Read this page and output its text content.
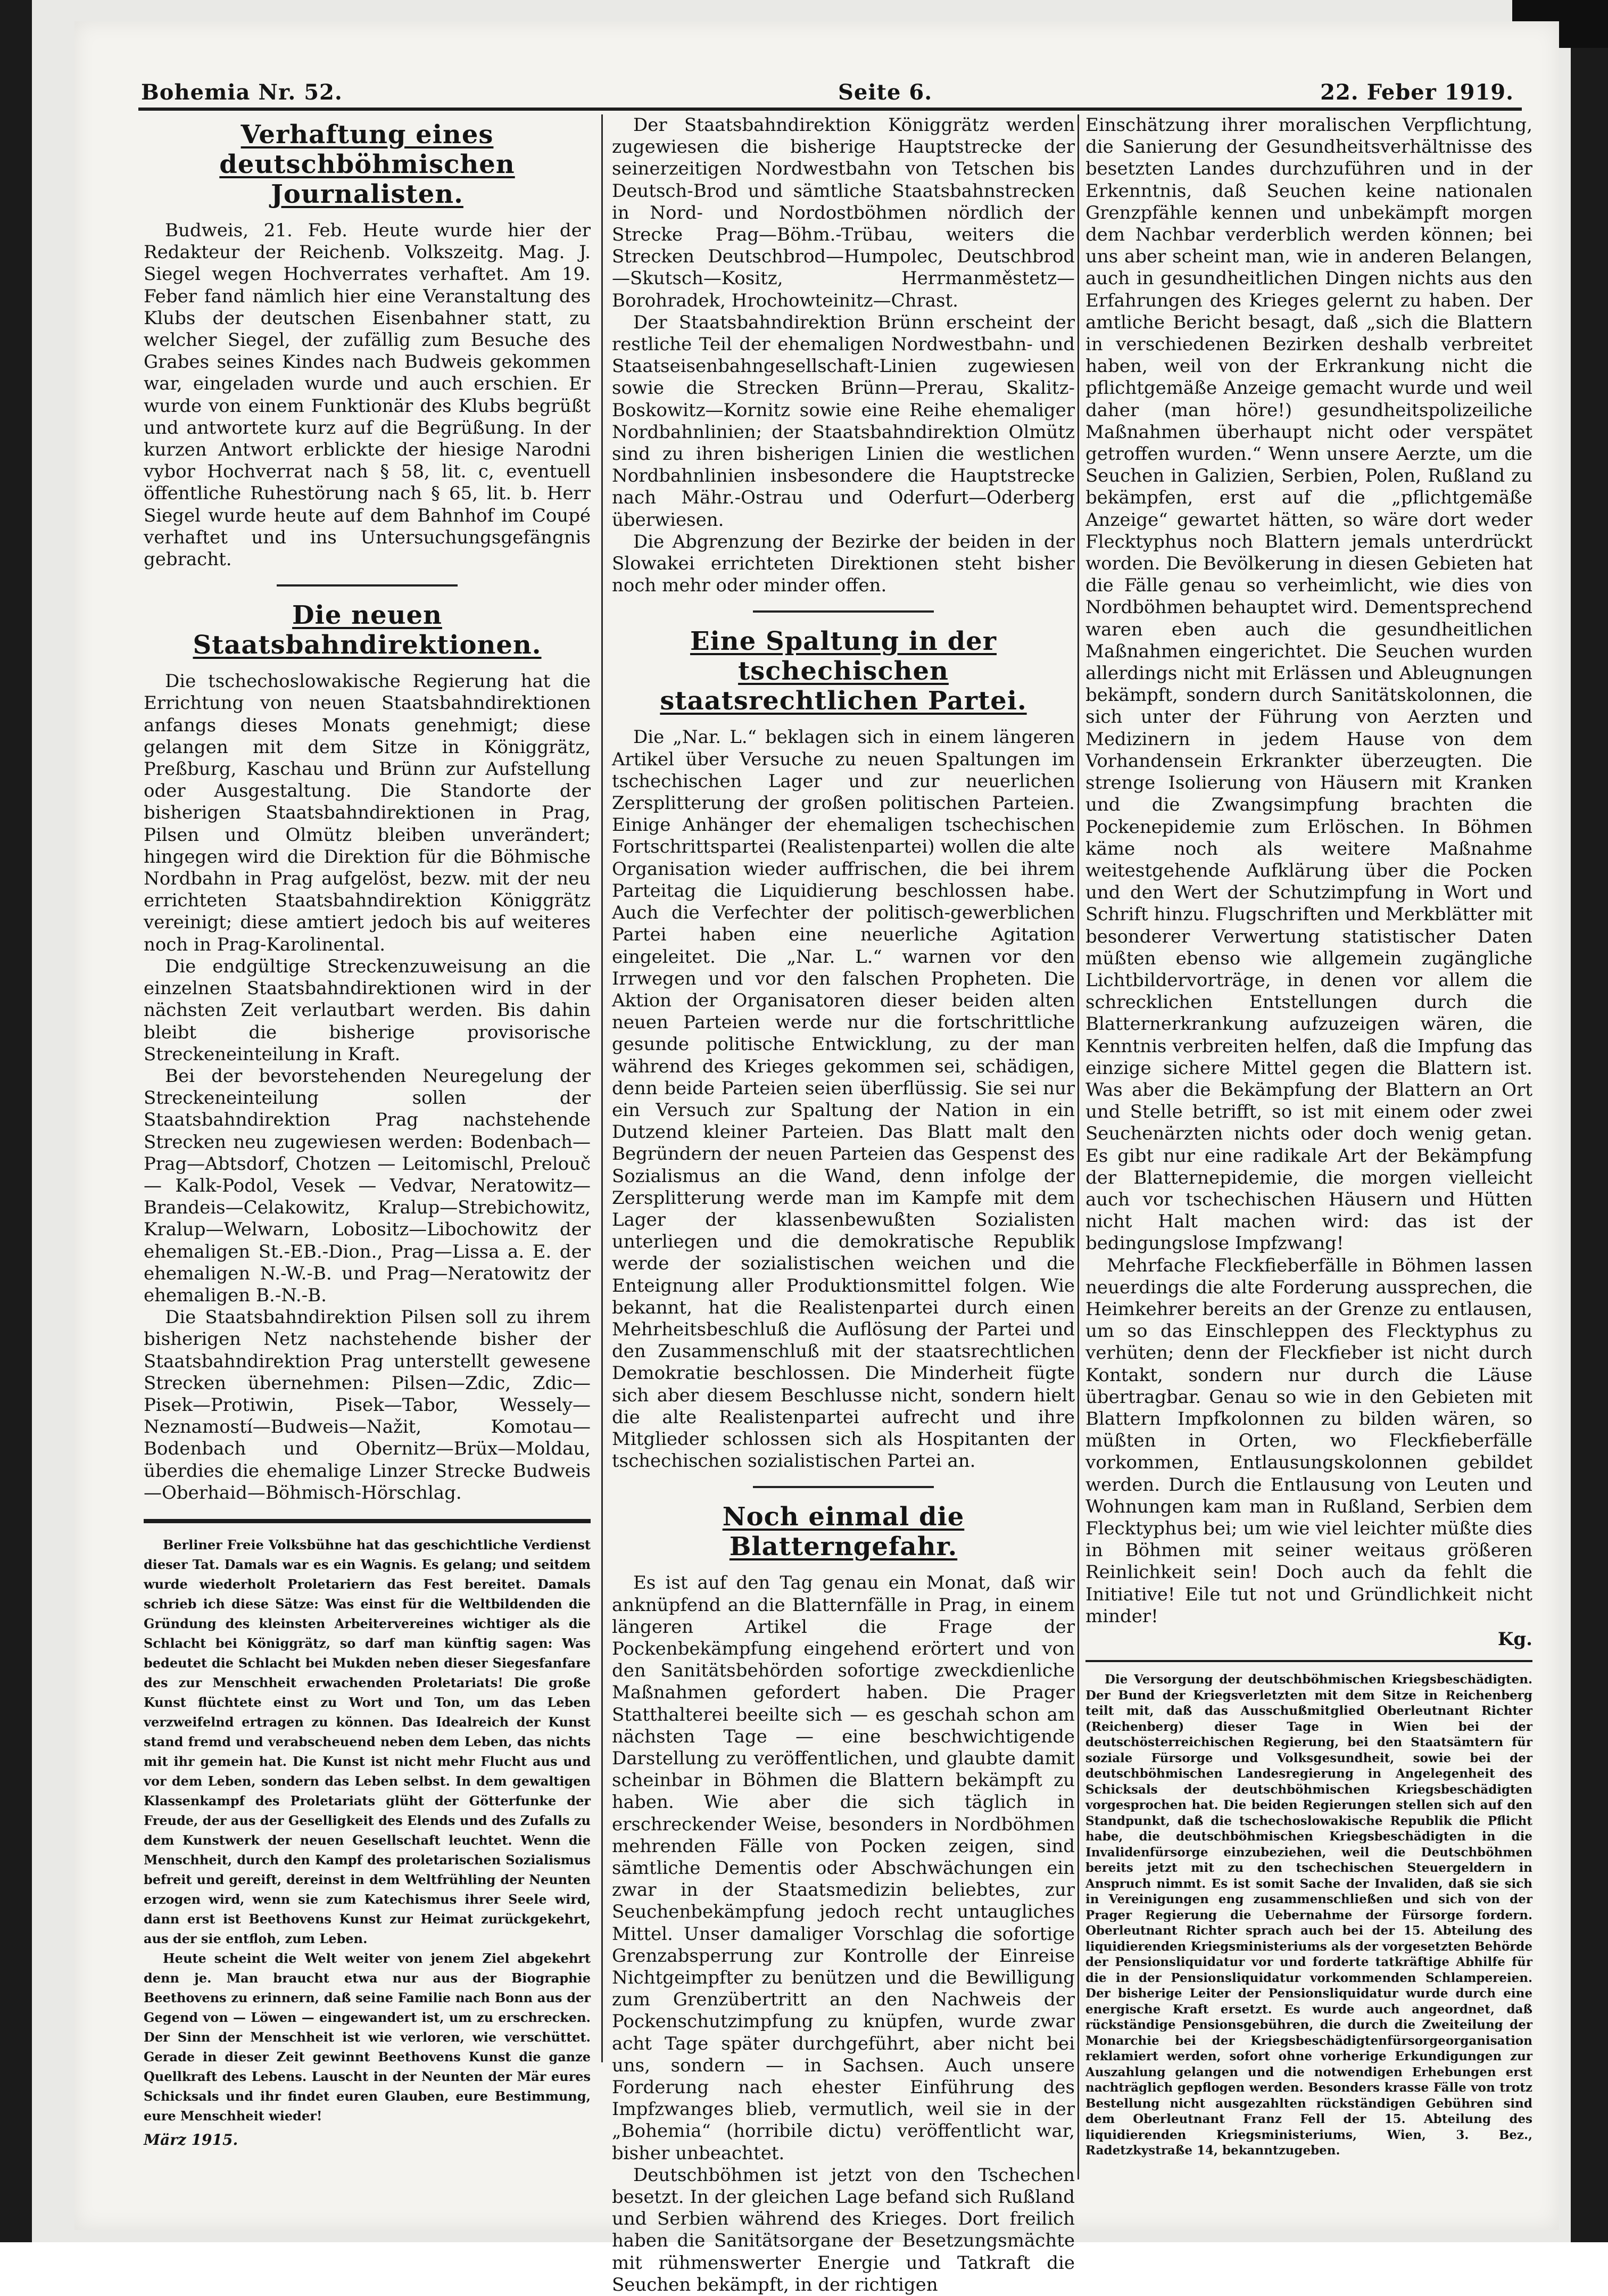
Bohemia Nr. 52.	Seite 6.	22. Feber 1919.
Verhaftung eines deutschböhmischen Journalisten.

Budweis, 21. Feb. Heute wurde hier der Redakteur der Reichenb. Volkszeitg. Mag. J. Siegel wegen Hochverrates verhaftet. Am 19. Feber fand nämlich hier eine Veranstaltung des Klubs der deutschen Eisenbahner statt, zu welcher Siegel, der zufällig zum Besuche des Grabes seines Kindes nach Budweis gekommen war, eingeladen wurde und auch erschien. Er wurde von einem Funktionär des Klubs begrüßt und antwortete kurz auf die Begrüßung. In der kurzen Antwort erblickte der hiesige Narodni vybor Hochverrat nach § 58, lit. c, eventuell öffentliche Ruhestörung nach § 65, lit. b. Herr Siegel wurde heute auf dem Bahnhof im Coupé verhaftet und ins Untersuchungsgefängnis gebracht.

Die neuen Staatsbahndirektionen.

Die tschechoslowakische Regierung hat die Errichtung von neuen Staatsbahndirektionen anfangs dieses Monats genehmigt; diese gelangen mit dem Sitze in Königgrätz, Preßburg, Kaschau und Brünn zur Aufstellung oder Ausgestaltung. Die Standorte der bisherigen Staatsbahndirektionen in Prag, Pilsen und Olmütz bleiben unverändert; hingegen wird die Direktion für die Böhmische Nordbahn in Prag aufgelöst, bezw. mit der neu errichteten Staatsbahndirektion Königgrätz vereinigt; diese amtiert jedoch bis auf weiteres noch in Prag-Karolinental.

Die endgültige Streckenzuweisung an die einzelnen Staatsbahndirektionen wird in der nächsten Zeit verlautbart werden. Bis dahin bleibt die bisherige provisorische Streckeneinteilung in Kraft.

Bei der bevorstehenden Neuregelung der Streckeneinteilung sollen der Staatsbahndirektion Prag nachstehende Strecken neu zugewiesen werden: Bodenbach—Prag—Abtsdorf, Chotzen — Leitomischl, Prelouč — Kalk-Podol, Vesek — Vedvar, Neratowitz—Brandeis—Celakowitz, Kralup—Strebichowitz, Kralup—Welwarn, Lobositz—Libochowitz der ehemaligen St.-EB.-Dion., Prag—Lissa a. E. der ehemaligen N.-W.-B. und Prag—Neratowitz der ehemaligen B.-N.-B.

Die Staatsbahndirektion Pilsen soll zu ihrem bisherigen Netz nachstehende bisher der Staatsbahndirektion Prag unterstellt gewesene Strecken übernehmen: Pilsen—Zdic, Zdic—Pisek—Protiwin, Pisek—Tabor, Wessely—Neznamostí—Budweis—Nažit, Komotau—Bodenbach und Obernitz—Brüx—Moldau, überdies die ehemalige Linzer Strecke Budweis—Oberhaid—Böhmisch-Hörschlag.

Berliner Freie Volksbühne hat das geschichtliche Verdienst dieser Tat. Damals war es ein Wagnis. Es gelang; und seitdem wurde wiederholt Proletariern das Fest bereitet. Damals schrieb ich diese Sätze: Was einst für die Weltbildenden die Gründung des kleinsten Arbeitervereines wichtiger als die Schlacht bei Königgrätz, so darf man künftig sagen: Was bedeutet die Schlacht bei Mukden neben dieser Siegesfanfare des zur Menschheit erwachenden Proletariats! Die große Kunst flüchtete einst zu Wort und Ton, um das Leben verzweifelnd ertragen zu können. Das Idealreich der Kunst stand fremd und verabscheuend neben dem Leben, das nichts mit ihr gemein hat. Die Kunst ist nicht mehr Flucht aus und vor dem Leben, sondern das Leben selbst. In dem gewaltigen Klassenkampf des Proletariats glüht der Götterfunke der Freude, der aus der Geselligkeit des Elends und des Zufalls zu dem Kunstwerk der neuen Gesellschaft leuchtet. Wenn die Menschheit, durch den Kampf des proletarischen Sozialismus befreit und gereift, dereinst in dem Weltfrühling der Neunten erzogen wird, wenn sie zum Katechismus ihrer Seele wird, dann erst ist Beethovens Kunst zur Heimat zurückgekehrt, aus der sie entfloh, zum Leben.

Heute scheint die Welt weiter von jenem Ziel abgekehrt denn je. Man braucht etwa nur aus der Biographie Beethovens zu erinnern, daß seine Familie nach Bonn aus der Gegend von — Löwen — eingewandert ist, um zu erschrecken. Der Sinn der Menschheit ist wie verloren, wie verschüttet. Gerade in dieser Zeit gewinnt Beethovens Kunst die ganze Quellkraft des Lebens. Lauscht in der Neunten der Mär eures Schicksals und ihr findet euren Glauben, eure Bestimmung, eure Menschheit wieder!

März 1915.

Der Staatsbahndirektion Königgrätz werden zugewiesen die bisherige Hauptstrecke der seinerzeitigen Nordwestbahn von Tetschen bis Deutsch-Brod und sämtliche Staatsbahnstrecken in Nord- und Nordostböhmen nördlich der Strecke Prag—Böhm.-Trübau, weiters die Strecken Deutschbrod—Humpolec, Deutschbrod—Skutsch—Kositz, Herrmanměstetz—Borohradek, Hrochowteinitz—Chrast.

Der Staatsbahndirektion Brünn erscheint der restliche Teil der ehemaligen Nordwestbahn- und Staatseisenbahngesellschaft-Linien zugewiesen sowie die Strecken Brünn—Prerau, Skalitz-Boskowitz—Kornitz sowie eine Reihe ehemaliger Nordbahnlinien; der Staatsbahndirektion Olmütz sind zu ihren bisherigen Linien die westlichen Nordbahnlinien insbesondere die Hauptstrecke nach Mähr.-Ostrau und Oderfurt—Oderberg überwiesen.

Die Abgrenzung der Bezirke der beiden in der Slowakei errichteten Direktionen steht bisher noch mehr oder minder offen.

Eine Spaltung in der tschechischen staatsrechtlichen Partei.

Die „Nar. L.“ beklagen sich in einem längeren Artikel über Versuche zu neuen Spaltungen im tschechischen Lager und zur neuerlichen Zersplitterung der großen politischen Parteien. Einige Anhänger der ehemaligen tschechischen Fortschrittspartei (Realistenpartei) wollen die alte Organisation wieder auffrischen, die bei ihrem Parteitag die Liquidierung beschlossen habe. Auch die Verfechter der politisch-gewerblichen Partei haben eine neuerliche Agitation eingeleitet. Die „Nar. L.“ warnen vor den Irrwegen und vor den falschen Propheten. Die Aktion der Organisatoren dieser beiden alten neuen Parteien werde nur die fortschrittliche gesunde politische Entwicklung, zu der man während des Krieges gekommen sei, schädigen, denn beide Parteien seien überflüssig. Sie sei nur ein Versuch zur Spaltung der Nation in ein Dutzend kleiner Parteien. Das Blatt malt den Begründern der neuen Parteien das Gespenst des Sozialismus an die Wand, denn infolge der Zersplitterung werde man im Kampfe mit dem Lager der klassenbewußten Sozialisten unterliegen und die demokratische Republik werde der sozialistischen weichen und die Enteignung aller Produktionsmittel folgen. Wie bekannt, hat die Realistenpartei durch einen Mehrheitsbeschluß die Auflösung der Partei und den Zusammenschluß mit der staatsrechtlichen Demokratie beschlossen. Die Minderheit fügte sich aber diesem Beschlusse nicht, sondern hielt die alte Realistenpartei aufrecht und ihre Mitglieder schlossen sich als Hospitanten der tschechischen sozialistischen Partei an.

Noch einmal die Blatterngefahr.

Es ist auf den Tag genau ein Monat, daß wir anknüpfend an die Blatternfälle in Prag, in einem längeren Artikel die Frage der Pockenbekämpfung eingehend erörtert und von den Sanitätsbehörden sofortige zweckdienliche Maßnahmen gefordert haben. Die Prager Statthalterei beeilte sich — es geschah schon am nächsten Tage — eine beschwichtigende Darstellung zu veröffentlichen, und glaubte damit scheinbar in Böhmen die Blattern bekämpft zu haben. Wie aber die sich täglich in erschreckender Weise, besonders in Nordböhmen mehrenden Fälle von Pocken zeigen, sind sämtliche Dementis oder Abschwächungen ein zwar in der Staatsmedizin beliebtes, zur Seuchenbekämpfung jedoch recht untaugliches Mittel. Unser damaliger Vorschlag die sofortige Grenzabsperrung zur Kontrolle der Einreise Nichtgeimpfter zu benützen und die Bewilligung zum Grenzübertritt an den Nachweis der Pockenschutzimpfung zu knüpfen, wurde zwar acht Tage später durchgeführt, aber nicht bei uns, sondern — in Sachsen. Auch unsere Forderung nach ehester Einführung des Impfzwanges blieb, vermutlich, weil sie in der „Bohemia“ (horribile dictu) veröffentlicht war, bisher unbeachtet.

Deutschböhmen ist jetzt von den Tschechen besetzt. In der gleichen Lage befand sich Rußland und Serbien während des Krieges. Dort freilich haben die Sanitätsorgane der Besetzungsmächte mit rühmenswerter Energie und Tatkraft die Seuchen bekämpft, in der richtigen

Einschätzung ihrer moralischen Verpflichtung, die Sanierung der Gesundheitsverhältnisse des besetzten Landes durchzuführen und in der Erkenntnis, daß Seuchen keine nationalen Grenzpfähle kennen und unbekämpft morgen dem Nachbar verderblich werden können; bei uns aber scheint man, wie in anderen Belangen, auch in gesundheitlichen Dingen nichts aus den Erfahrungen des Krieges gelernt zu haben. Der amtliche Bericht besagt, daß „sich die Blattern in verschiedenen Bezirken deshalb verbreitet haben, weil von der Erkrankung nicht die pflichtgemäße Anzeige gemacht wurde und weil daher (man höre!) gesundheitspolizeiliche Maßnahmen überhaupt nicht oder verspätet getroffen wurden.“ Wenn unsere Aerzte, um die Seuchen in Galizien, Serbien, Polen, Rußland zu bekämpfen, erst auf die „pflichtgemäße Anzeige“ gewartet hätten, so wäre dort weder Flecktyphus noch Blattern jemals unterdrückt worden. Die Bevölkerung in diesen Gebieten hat die Fälle genau so verheimlicht, wie dies von Nordböhmen behauptet wird. Dementsprechend waren eben auch die gesundheitlichen Maßnahmen eingerichtet. Die Seuchen wurden allerdings nicht mit Erlässen und Ableugnungen bekämpft, sondern durch Sanitätskolonnen, die sich unter der Führung von Aerzten und Medizinern in jedem Hause von dem Vorhandensein Erkrankter überzeugten. Die strenge Isolierung von Häusern mit Kranken und die Zwangsimpfung brachten die Pockenepidemie zum Erlöschen. In Böhmen käme noch als weitere Maßnahme weitestgehende Aufklärung über die Pocken und den Wert der Schutzimpfung in Wort und Schrift hinzu. Flugschriften und Merkblätter mit besonderer Verwertung statistischer Daten müßten ebenso wie allgemein zugängliche Lichtbildervorträge, in denen vor allem die schrecklichen Entstellungen durch die Blatternerkrankung aufzuzeigen wären, die Kenntnis verbreiten helfen, daß die Impfung das einzige sichere Mittel gegen die Blattern ist. Was aber die Bekämpfung der Blattern an Ort und Stelle betrifft, so ist mit einem oder zwei Seuchenärzten nichts oder doch wenig getan. Es gibt nur eine radikale Art der Bekämpfung der Blatternepidemie, die morgen vielleicht auch vor tschechischen Häusern und Hütten nicht Halt machen wird: das ist der bedingungslose Impfzwang!

Mehrfache Fleckfieberfälle in Böhmen lassen neuerdings die alte Forderung aussprechen, die Heimkehrer bereits an der Grenze zu entlausen, um so das Einschleppen des Flecktyphus zu verhüten; denn der Fleckfieber ist nicht durch Kontakt, sondern nur durch die Läuse übertragbar. Genau so wie in den Gebieten mit Blattern Impfkolonnen zu bilden wären, so müßten in Orten, wo Fleckfieberfälle vorkommen, Entlausungskolonnen gebildet werden. Durch die Entlausung von Leuten und Wohnungen kam man in Rußland, Serbien dem Flecktyphus bei; um wie viel leichter müßte dies in Böhmen mit seiner weitaus größeren Reinlichkeit sein! Doch auch da fehlt die Initiative! Eile tut not und Gründlichkeit nicht minder!

Kg.

Die Versorgung der deutschböhmischen Kriegsbeschädigten. Der Bund der Kriegsverletzten mit dem Sitze in Reichenberg teilt mit, daß das Ausschußmitglied Oberleutnant Richter (Reichenberg) dieser Tage in Wien bei der deutschösterreichischen Regierung, bei den Staatsämtern für soziale Fürsorge und Volksgesundheit, sowie bei der deutschböhmischen Landesregierung in Angelegenheit des Schicksals der deutschböhmischen Kriegsbeschädigten vorgesprochen hat. Die beiden Regierungen stellen sich auf den Standpunkt, daß die tschechoslowakische Republik die Pflicht habe, die deutschböhmischen Kriegsbeschädigten in die Invalidenfürsorge einzubeziehen, weil die Deutschböhmen bereits jetzt mit zu den tschechischen Steuergeldern in Anspruch nimmt. Es ist somit Sache der Invaliden, daß sie sich in Vereinigungen eng zusammenschließen und sich von der Prager Regierung die Uebernahme der Fürsorge fordern. Oberleutnant Richter sprach auch bei der 15. Abteilung des liquidierenden Kriegsministeriums als der vorgesetzten Behörde der Pensionsliquidatur vor und forderte tatkräftige Abhilfe für die in der Pensionsliquidatur vorkommenden Schlampereien. Der bisherige Leiter der Pensionsliquidatur wurde durch eine energische Kraft ersetzt. Es wurde auch angeordnet, daß rückständige Pensionsgebühren, die durch die Zweiteilung der Monarchie bei der Kriegsbeschädigtenfürsorgeorganisation reklamiert werden, sofort ohne vorherige Erkundigungen zur Auszahlung gelangen und die notwendigen Erhebungen erst nachträglich gepflogen werden. Besonders krasse Fälle von trotz Bestellung nicht ausgezahlten rückständigen Gebühren sind dem Oberleutnant Franz Fell der 15. Abteilung des liquidierenden Kriegsministeriums, Wien, 3. Bez., Radetzkystraße 14, bekanntzugeben.
